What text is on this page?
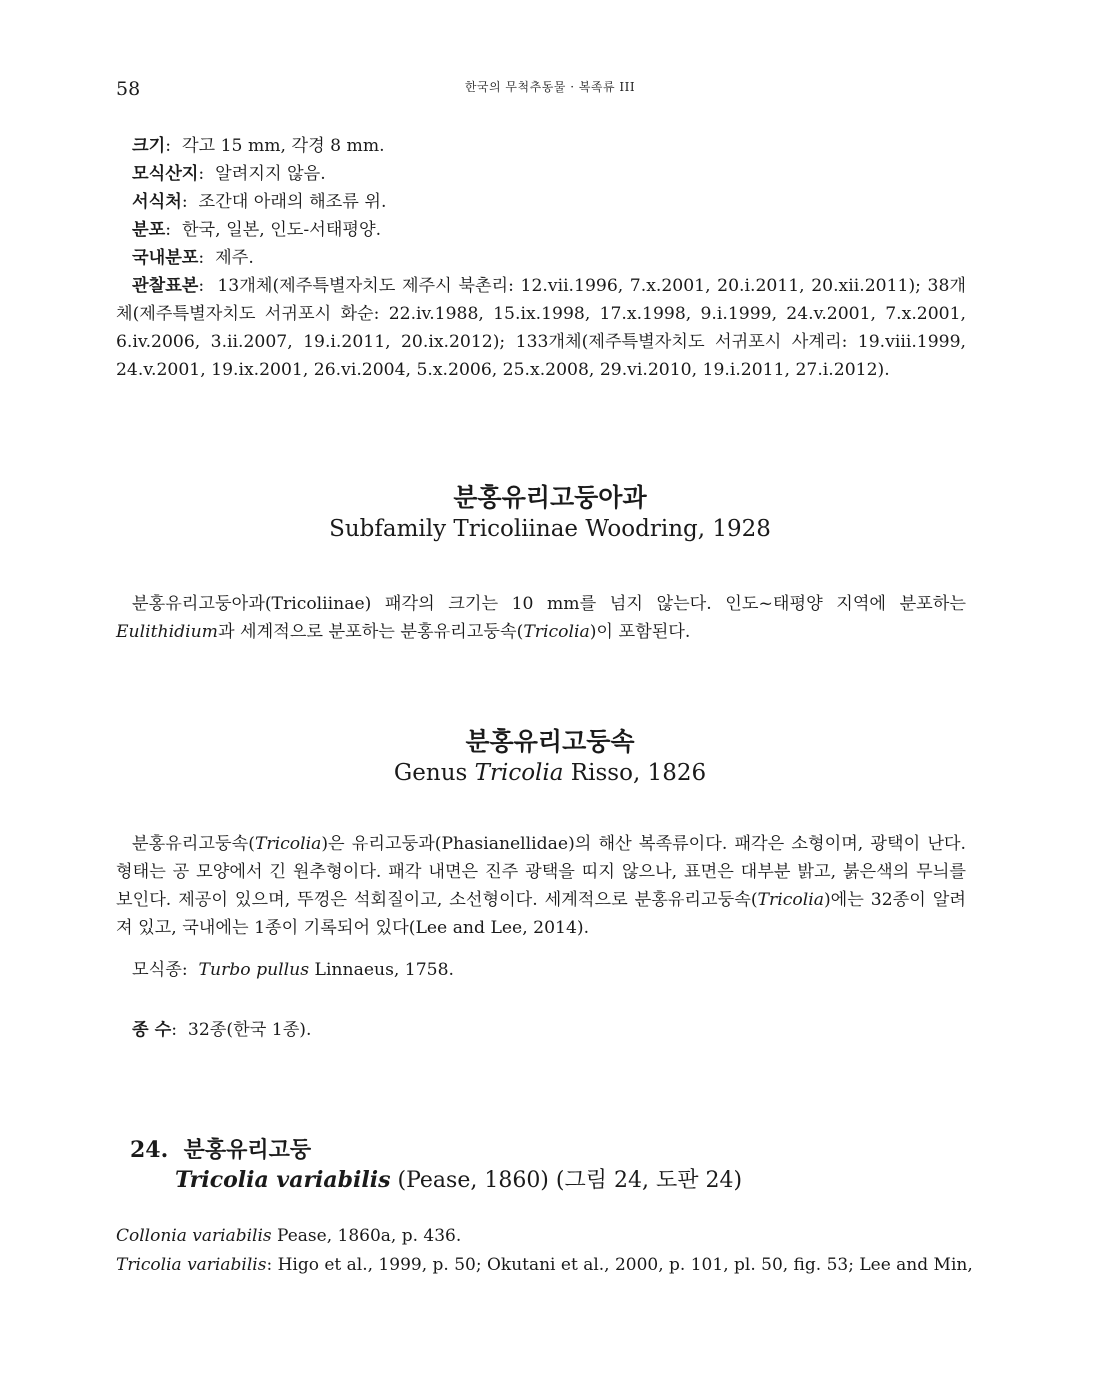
58	한국의 무척추동물 · 복족류 III

크기:  각고 15 mm, 각경 8 mm.

모식산지:  알려지지 않음.

서식처:  조간대 아래의 해조류 위.

분포:  한국, 일본, 인도-서태평양.

국내분포:  제주.

관찰표본:  13개체(제주특별자치도 제주시 북촌리: 12.vii.1996, 7.x.2001, 20.i.2011, 20.xii.2011); 38개체(제주특별자치도 서귀포시 화순: 22.iv.1988, 15.ix.1998, 17.x.1998, 9.i.1999, 24.v.2001, 7.x.2001, 6.iv.2006, 3.ii.2007, 19.i.2011, 20.ix.2012); 133개체(제주특별자치도 서귀포시 사계리: 19.viii.1999, 24.v.2001, 19.ix.2001, 26.vi.2004, 5.x.2006, 25.x.2008, 29.vi.2010, 19.i.2011, 27.i.2012).

분홍유리고둥아과
Subfamily Tricoliinae Woodring, 1928

분홍유리고둥아과(Tricoliinae) 패각의 크기는 10 mm를 넘지 않는다. 인도~태평양 지역에 분포하는 Eulithidium과 세계적으로 분포하는 분홍유리고둥속(Tricolia)이 포함된다.

분홍유리고둥속
Genus Tricolia Risso, 1826

분홍유리고둥속(Tricolia)은 유리고둥과(Phasianellidae)의 해산 복족류이다. 패각은 소형이며, 광택이 난다. 형태는 공 모양에서 긴 원추형이다. 패각 내면은 진주 광택을 띠지 않으나, 표면은 대부분 밝고, 붉은색의 무늬를 보인다. 제공이 있으며, 뚜껑은 석회질이고, 소선형이다. 세계적으로 분홍유리고둥속(Tricolia)에는 32종이 알려져 있고, 국내에는 1종이 기록되어 있다(Lee and Lee, 2014).

모식종:  Turbo pullus Linnaeus, 1758.
종 수:  32종(한국 1종).
24. 분홍유리고둥
Tricolia variabilis (Pease, 1860) (그림 24, 도판 24)
Collonia variabilis Pease, 1860a, p. 436.
Tricolia variabilis: Higo et al., 1999, p. 50; Okutani et al., 2000, p. 101, pl. 50, fig. 53; Lee and Min,
